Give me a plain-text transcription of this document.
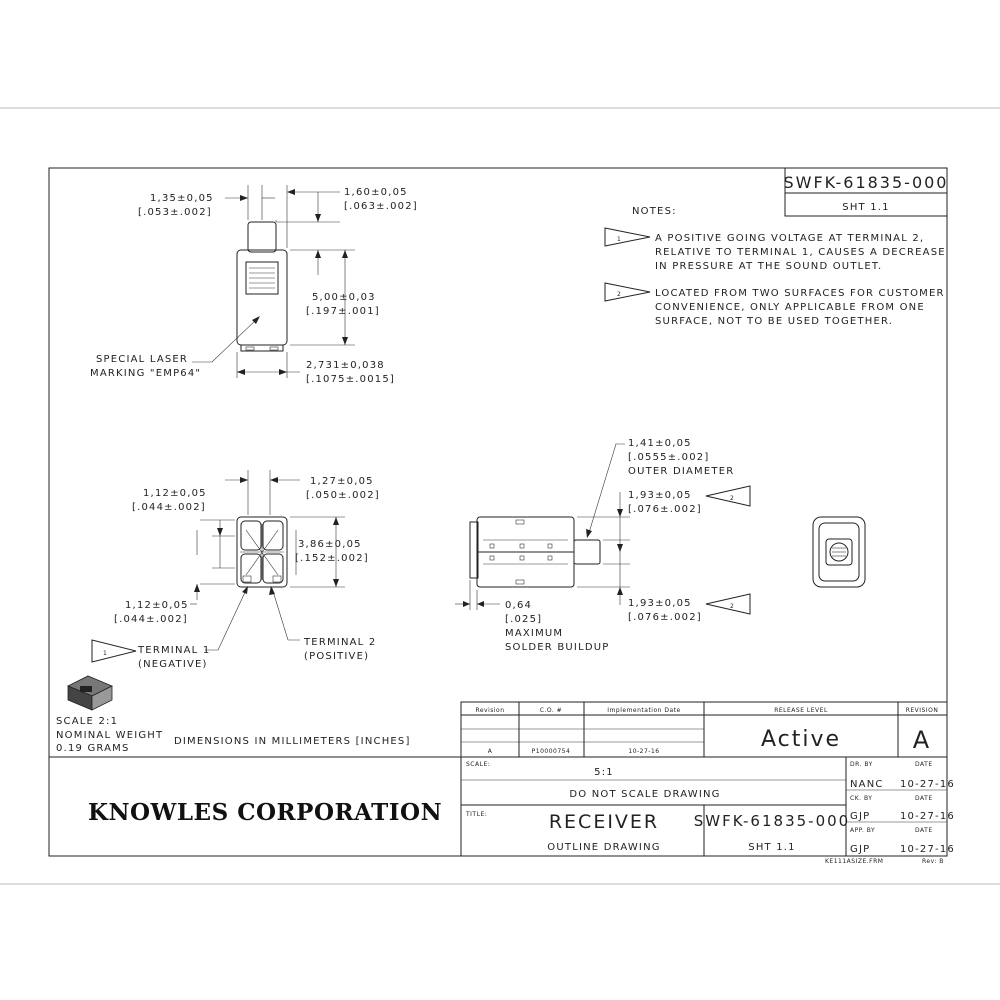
SWFK-61835-000
SHT 1.1
NOTES:
1	A POSITIVE GOING VOLTAGE AT TERMINAL 2,
RELATIVE TO TERMINAL 1, CAUSES A DECREASE
IN PRESSURE AT THE SOUND OUTLET.
2	LOCATED FROM TWO SURFACES FOR CUSTOMER
CONVENIENCE, ONLY APPLICABLE FROM ONE
SURFACE, NOT TO BE USED TOGETHER.
1,35±0,05
[.053±.002]
1,60±0,05
[.063±.002]
5,00±0,03
[.197±.001]
2,731±0,038
[.1075±.0015]
SPECIAL LASER
MARKING "EMP64"
1,27±0,05
[.050±.002]
1,12±0,05
[.044±.002]
3,86±0,05
[.152±.002]
1,12±0,05
[.044±.002]
TERMINAL 1
(NEGATIVE)
TERMINAL 2
(POSITIVE)
1
1,41±0,05
[.0555±.002]
OUTER DIAMETER
1,93±0,05
[.076±.002]
2
1,93±0,05
[.076±.002]
2
0,64
[.025]
MAXIMUM
SOLDER BUILDUP
SCALE 2:1
NOMINAL WEIGHT
0.19 GRAMS
DIMENSIONS IN MILLIMETERS [INCHES]
Revision	C.O. #	Implementation Date	RELEASE LEVEL	REVISION
A	P10000754	10-27-16	Active	A
KNOWLES CORPORATION
SCALE:
5:1
DO NOT SCALE DRAWING
TITLE:	RECEIVER
OUTLINE DRAWING
SWFK-61835-000
SHT 1.1
DR. BY	DATE
NANC 10-27-16
CK. BY	DATE
GJP	10-27-16
APP. BY	DATE
GJP	10-27-16
KE111ASIZE.FRM	Rev: B
